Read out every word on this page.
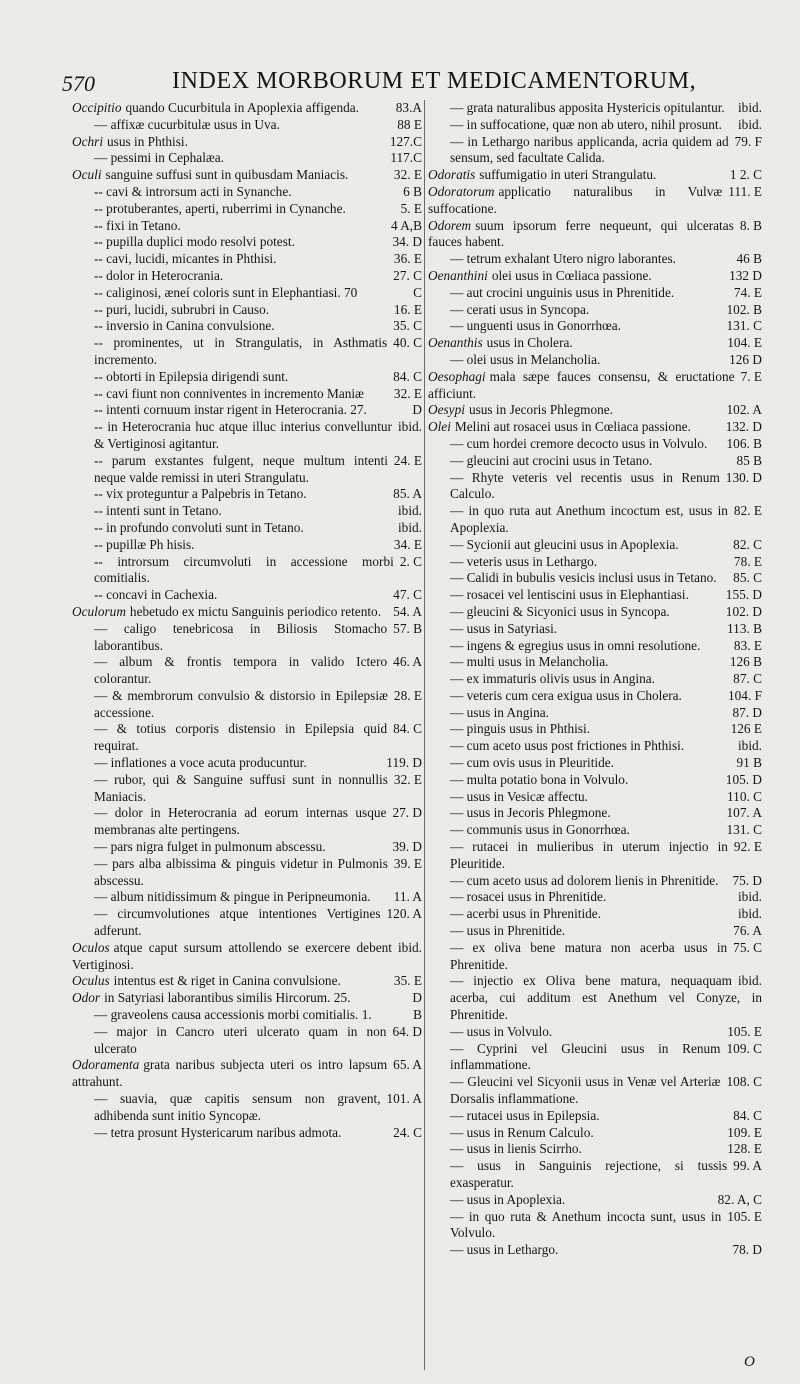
570	INDEX MORBORUM ET MEDICAMENTORUM,
83.A
Occipitio quando Cucurbitula in Apoplexia affigenda.
88 E
— affixæ cucurbitulæ usus in Uva.
127.C
Ochri usus in Phthisi.
117.C
— pessimi in Cephalæa.
32. E
Oculi sanguine suffusi sunt in quibusdam Maniacis.
6 B
-- cavi & introrsum acti in Synanche.
5. E
-- protuberantes, aperti, ruberrimi in Cynanche.
4 A,B
-- fixi in Tetano.
34. D
-- pupilla duplici modo resolvi potest.
36. E
-- cavi, lucidi, micantes in Phthisi.
27. C
-- dolor in Heterocrania.
C
-- caliginosi, æneí coloris sunt in Elephantiasi. 70
16. E
-- puri, lucidi, subrubri in Causo.
35. C
-- inversio in Canina convulsione.
40. C
-- prominentes, ut in Strangulatis, in Asthmatis incremento.
84. C
-- obtorti in Epilepsia dirigendi sunt.
32. E
-- cavi fiunt non conniventes in incremento Maniæ
D
-- intenti cornuum instar rigent in Heterocrania. 27.
ibid.
-- in Heterocrania huc atque illuc interius convelluntur & Vertiginosi agitantur.
24. E
-- parum exstantes fulgent, neque multum intenti neque valde remissi in uteri Strangulatu.
85. A
-- vix proteguntur a Palpebris in Tetano.
ibid.
-- intenti sunt in Tetano.
ibid.
-- in profundo convoluti sunt in Tetano.
34. E
-- pupillæ Ph hisis.
2. C
-- introrsum circumvoluti in accessione morbi comitialis.
47. C
-- concavi in Cachexia.
54. A
Oculorum hebetudo ex mictu Sanguinis periodico retento.
57. B
— caligo tenebricosa in Biliosis Stomacho laborantibus.
46. A
— album & frontis tempora in valido Ictero colorantur.
28. E
— & membrorum convulsio & distorsio in Epilepsiæ accessione.
84. C
— & totius corporis distensio in Epilepsia quid requirat.
119. D
— inflationes a voce acuta producuntur.
32. E
— rubor, qui & Sanguine suffusi sunt in nonnullis Maniacis.
27. D
— dolor in Heterocrania ad eorum internas usque membranas alte pertingens.
39. D
— pars nigra fulget in pulmonum abscessu.
39. E
— pars alba albissima & pinguis videtur in Pulmonis abscessu.
11. A
— album nitidissimum & pingue in Peripneumonia.
120. A
— circumvolutiones atque intentiones Vertigines adferunt.
ibid.
Oculos atque caput sursum attollendo se exercere debent Vertiginosi.
35. E
Oculus intentus est & riget in Canina convulsione.
D
Odor in Satyriasi laborantibus similis Hircorum. 25.
B
— graveolens causa accessionis morbi comitialis. 1.
64. D
— major in Cancro uteri ulcerato quam in non ulcerato
65. A
Odoramenta grata naribus subjecta uteri os intro lapsum attrahunt.
101. A
— suavia, quæ capitis sensum non gravent, adhibenda sunt initio Syncopæ.
24. C
— tetra prosunt Hystericarum naribus admota.
ibid.
— grata naturalibus apposita Hystericis opitulantur.
ibid.
— in suffocatione, quæ non ab utero, nihil prosunt.
79. F
— in Lethargo naribus applicanda, acria quidem ad sensum, sed facultate Calida.
1 2. C
Odoratis suffumigatio in uteri Strangulatu.
111. E
Odoratorum applicatio naturalibus in Vulvæ suffocatione.
8. B
Odorem suum ipsorum ferre nequeunt, qui ulceratas fauces habent.
46 B
— tetrum exhalant Utero nigro laborantes.
132 D
Oenanthini olei usus in Cœliaca passione.
74. E
— aut crocini unguinis usus in Phrenitide.
102. B
— cerati usus in Syncopa.
131. C
— unguenti usus in Gonorrhœa.
104. E
Oenanthis usus in Cholera.
126 D
— olei usus in Melancholia.
7. E
Oesophagi mala sæpe fauces consensu, & eructatione afficiunt.
102. A
Oesypi usus in Jecoris Phlegmone.
132. D
Olei Melini aut rosacei usus in Cœliaca passione.
106. B
— cum hordei cremore decocto usus in Volvulo.
85 B
— gleucini aut crocini usus in Tetano.
130. D
— Rhyte veteris vel recentis usus in Renum Calculo.
82. E
— in quo ruta aut Anethum incoctum est, usus in Apoplexia.
82. C
— Sycionii aut gleucini usus in Apoplexia.
78. E
— veteris usus in Lethargo.
85. C
— Calidi in bubulis vesicis inclusi usus in Tetano.
155. D
— rosacei vel lentiscini usus in Elephantiasi.
102. D
— gleucini & Sicyonici usus in Syncopa.
113. B
— usus in Satyriasi.
83. E
— ingens & egregius usus in omni resolutione.
126 B
— multi usus in Melancholia.
87. C
— ex immaturis olivis usus in Angina.
104. F
— veteris cum cera exigua usus in Cholera.
87. D
— usus in Angina.
126 E
— pinguis usus in Phthisi.
ibid.
— cum aceto usus post frictiones in Phthisi.
91 B
— cum ovis usus in Pleuritide.
105. D
— multa potatio bona in Volvulo.
110. C
— usus in Vesicæ affectu.
107. A
— usus in Jecoris Phlegmone.
131. C
— communis usus in Gonorrhœa.
92. E
— rutacei in mulieribus in uterum injectio in Pleuritide.
75. D
— cum aceto usus ad dolorem lienis in Phrenitide.
ibid.
— rosacei usus in Phrenitide.
ibid.
— acerbi usus in Phrenitide.
76. A
— usus in Phrenitide.
75. C
— ex oliva bene matura non acerba usus in Phrenitide.
ibid.
— injectio ex Oliva bene matura, nequaquam acerba, cui additum est Anethum vel Conyze, in Phrenitide.
105. E
— usus in Volvulo.
109. C
— Cyprini vel Gleucini usus in Renum inflammatione.
108. C
— Gleucini vel Sicyonii usus in Venæ vel Arteriæ Dorsalis inflammatione.
84. C
— rutacei usus in Epilepsia.
109. E
— usus in Renum Calculo.
128. E
— usus in lienis Scirrho.
99. A
— usus in Sanguinis rejectione, si tussis exasperatur.
82. A, C
— usus in Apoplexia.
105. E
— in quo ruta & Anethum incocta sunt, usus in Volvulo.
78. D
— usus in Lethargo.
O
